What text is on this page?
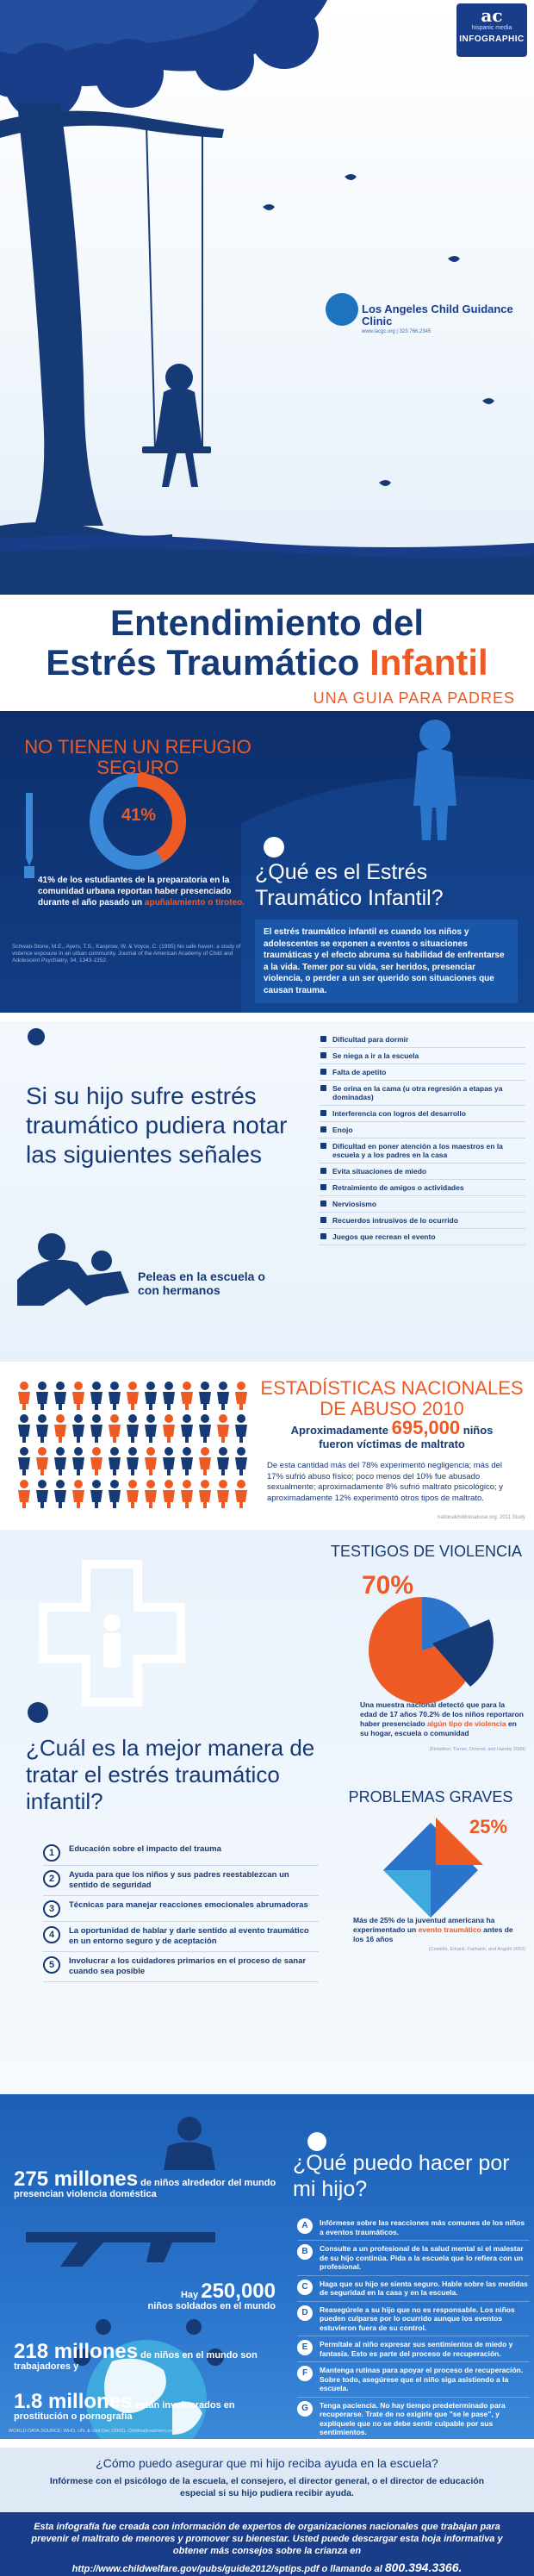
ac
hispanic media
INFOGRAPHIC
Los Angeles Child Guidance Clinic
www.lacgc.org | 323.766.2345
Entendimiento del
Estrés Traumático Infantil
UNA GUIA PARA PADRES
NO TIENEN UN REFUGIO SEGURO
41%
41% de los estudiantes de la preparatoria en la comunidad urbana reportan haber presenciado durante el año pasado un apuñalamiento o tiroteo.
Schwab-Stone, M.E., Ayers, T.S., Kasprow, W. & Voyce, C. (1995) No safe haven: a study of violence exposure in an urban community. Journal of the American Academy of Child and Adolescent Psychiatry, 34, 1343-1352.
¿Qué es el Estrés Traumático Infantil?
El estrés traumático infantil es cuando los niños y adolescentes se exponen a eventos o situaciones traumáticas y el efecto abruma su habilidad de enfrentarse a la vida. Temer por su vida, ser heridos, presenciar violencia, o perder a un ser querido son situaciones que causan trauma.
Si su hijo sufre estrés traumático pudiera notar las siguientes señales
Peleas en la escuela o con hermanos
Dificultad para dormir
Se niega a ir a la escuela
Falta de apetito
Se orina en la cama (u otra regresión a etapas ya dominadas)
Interferencia con logros del desarrollo
Enojo
Dificultad en poner atención a los maestros en la escuela y a los padres en la casa
Evita situaciones de miedo
Retraimiento de amigos o actividades
Nerviosismo
Recuerdos intrusivos de lo ocurrido
Juegos que recrean el evento
ESTADÍSTICAS NACIONALES DE ABUSO 2010
Aproximadamente 695,000 niños
fueron víctimas de maltrato
De esta cantidad más del 78% experimentó negligencia; más del 17% sufrió abuso físico; poco menos del 10% fue abusado sexualmente; aproximadamente 8% sufrió maltrato psicológico; y aproximadamente 12% experimentó otros tipos de maltrato.
nationalchildrenabuse.org. 2011 Study
TESTIGOS DE VIOLENCIA
70%
Una muestra nacional detectó que para la edad de 17 años 70.2% de los niños reportaron haber presenciado algún tipo de violencia en su hogar, escuela o comunidad
(Finkelhor, Turner, Ormrod, and Hamby 2009)
¿Cuál es la mejor manera de tratar el estrés traumático infantil?
1	Educación sobre el impacto del trauma
2	Ayuda para que los niños y sus padres reestablezcan un sentido de seguridad
3	Técnicas para manejar reacciones emocionales abrumadoras
4	La oportunidad de hablar y darle sentido al evento traumático en un entorno seguro y de aceptación
5	Involucrar a los cuidadores primarios en el proceso de sanar cuando sea posible
PROBLEMAS GRAVES
25%
Más de 25% de la juventud americana ha experimentado un evento traumático antes de los 16 años
(Costello, Erkanli, Fairbank, and Angold 2002)
275 millones de niños alrededor del mundo presencian violencia doméstica
Hay 250,000
niños soldados en el mundo
218 millones de niños en el mundo son trabajadores y
1.8 millones están involucrados en prostitución o pornografía
¿Qué puedo hacer por mi hijo?
A	Infórmese sobre las reacciones más comunes de los niños a eventos traumáticos.
B	Consulte a un profesional de la salud mental si el malestar de su hijo continúa. Pida a la escuela que lo refiera con un profesional.
C	Haga que su hijo se sienta seguro. Hable sobre las medidas de seguridad en la casa y en la escuela.
D	Reasegúrele a su hijo que no es responsable. Los niños pueden culparse por lo ocurrido aunque los eventos estuvieron fuera de su control.
E	Permítale al niño expresar sus sentimientos de miedo y fantasía. Esto es parte del proceso de recuperación.
F	Mantenga rutinas para apoyar el proceso de recuperación. Sobre todo, asegúrese que el niño siga asistiendo a la escuela.
G	Tenga paciencia. No hay tiempo predeterminado para recuperarse. Trate de no exigirle que "se le pase", y explíquele que no se debe sentir culpable por sus sentimientos.
WORLD DATA SOURCE: WHO, UN, & Unit-Doc (2002). Childmaltreatment.org.
¿Cómo puedo asegurar que mi hijo reciba ayuda en la escuela?
Infórmese con el psicólogo de la escuela, el consejero, el director general, o el director de educación especial si su hijo pudiera recibir ayuda.
Esta infografía fue creada con información de expertos de organizaciones nacionales que trabajan para prevenir el maltrato de menores y promover su bienestar. Usted puede descargar esta hoja informativa y obtener más consejos sobre la crianza en
http://www.childwelfare.gov/pubs/guide2012/sptips.pdf o llamando al 800.394.3366.
